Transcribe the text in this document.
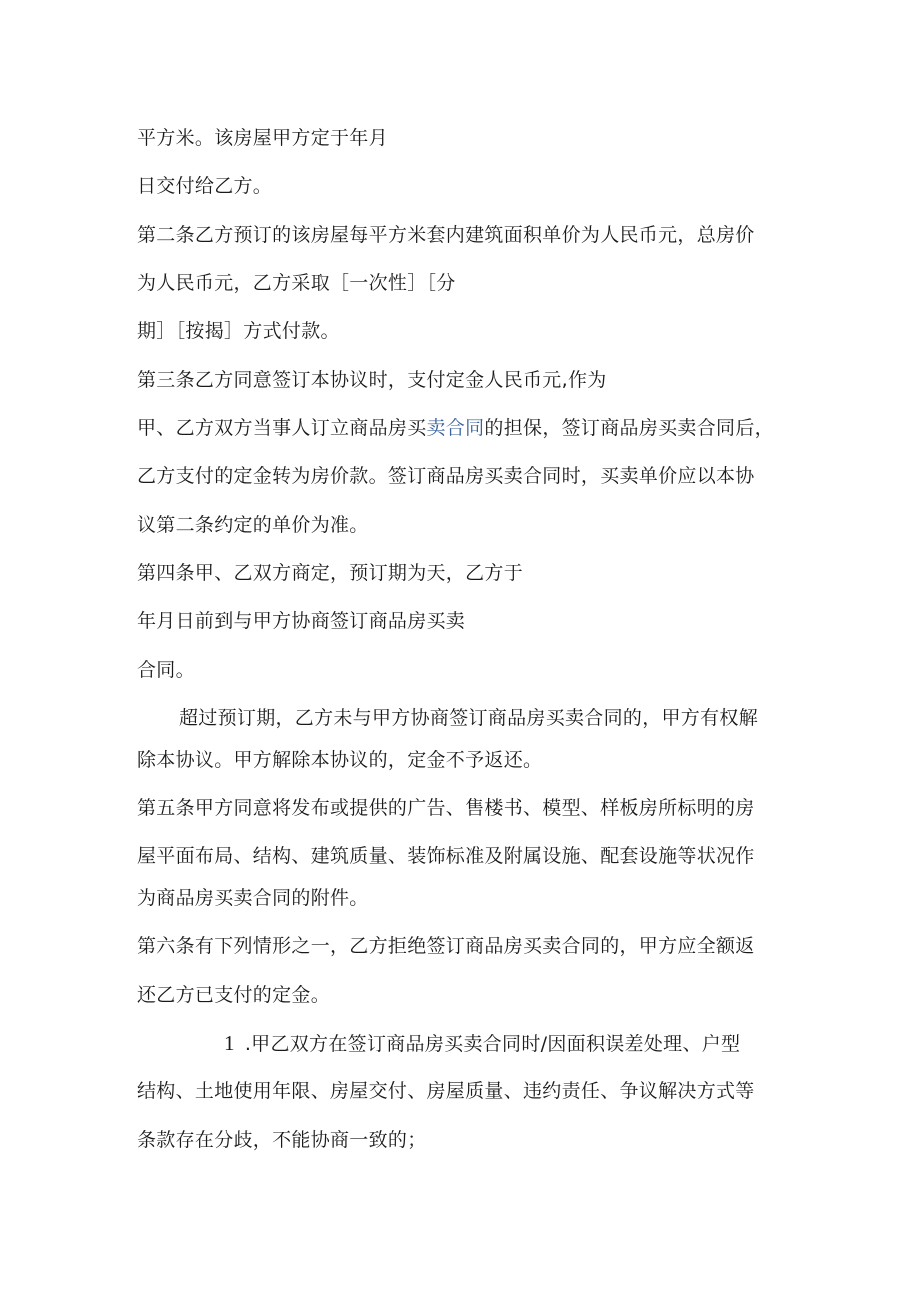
平方米。该房屋甲方定于年月
日交付给乙方。
第二条乙方预订的该房屋每平方米套内建筑面积单价为人民币元，总房价
为人民币元，乙方采取［一次性］［分
期］［按揭］方式付款。
第三条乙方同意签订本协议时，支付定金人民币元,作为
甲、乙方双方当事人订立商品房买卖合同的担保，签订商品房买卖合同后，
乙方支付的定金转为房价款。签订商品房买卖合同时，买卖单价应以本协
议第二条约定的单价为准。
第四条甲、乙双方商定，预订期为天，乙方于
年月日前到与甲方协商签订商品房买卖
合同。
超过预订期，乙方未与甲方协商签订商品房买卖合同的，甲方有权解
除本协议。甲方解除本协议的，定金不予返还。
第五条甲方同意将发布或提供的广告、售楼书、模型、样板房所标明的房
屋平面布局、结构、建筑质量、装饰标准及附属设施、配套设施等状况作
为商品房买卖合同的附件。
第六条有下列情形之一，乙方拒绝签订商品房买卖合同的，甲方应全额返
还乙方已支付的定金。
1 .甲乙双方在签订商品房买卖合同时/因面积误差处理、户型
结构、土地使用年限、房屋交付、房屋质量、违约责任、争议解决方式等
条款存在分歧，不能协商一致的；
